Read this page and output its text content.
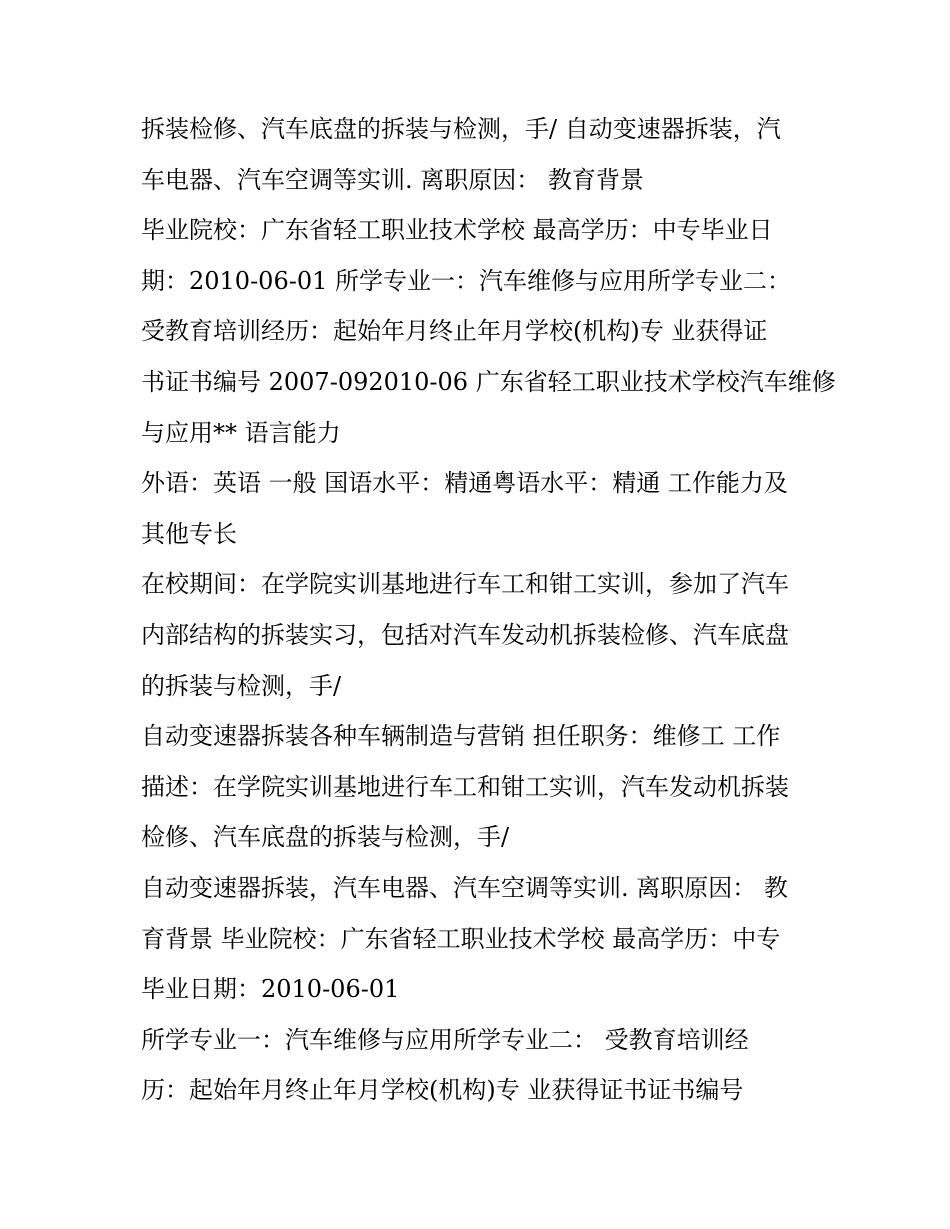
拆装检修、汽车底盘的拆装与检测，手/ 自动变速器拆装，汽
车电器、汽车空调等实训. 离职原因： 教育背景
毕业院校：广东省轻工职业技术学校 最高学历：中专毕业日
期：2010-06-01 所学专业一：汽车维修与应用所学专业二：
受教育培训经历：起始年月终止年月学校(机构)专 业获得证
书证书编号 2007-092010-06 广东省轻工职业技术学校汽车维修
与应用** 语言能力
外语：英语 一般 国语水平：精通粤语水平：精通 工作能力及
其他专长
在校期间：在学院实训基地进行车工和钳工实训，参加了汽车
内部结构的拆装实习，包括对汽车发动机拆装检修、汽车底盘
的拆装与检测，手/
自动变速器拆装各种车辆制造与营销 担任职务：维修工 工作
描述：在学院实训基地进行车工和钳工实训，汽车发动机拆装
检修、汽车底盘的拆装与检测，手/
自动变速器拆装，汽车电器、汽车空调等实训. 离职原因： 教
育背景 毕业院校：广东省轻工职业技术学校 最高学历：中专
毕业日期：2010-06-01
所学专业一：汽车维修与应用所学专业二： 受教育培训经
历：起始年月终止年月学校(机构)专 业获得证书证书编号
